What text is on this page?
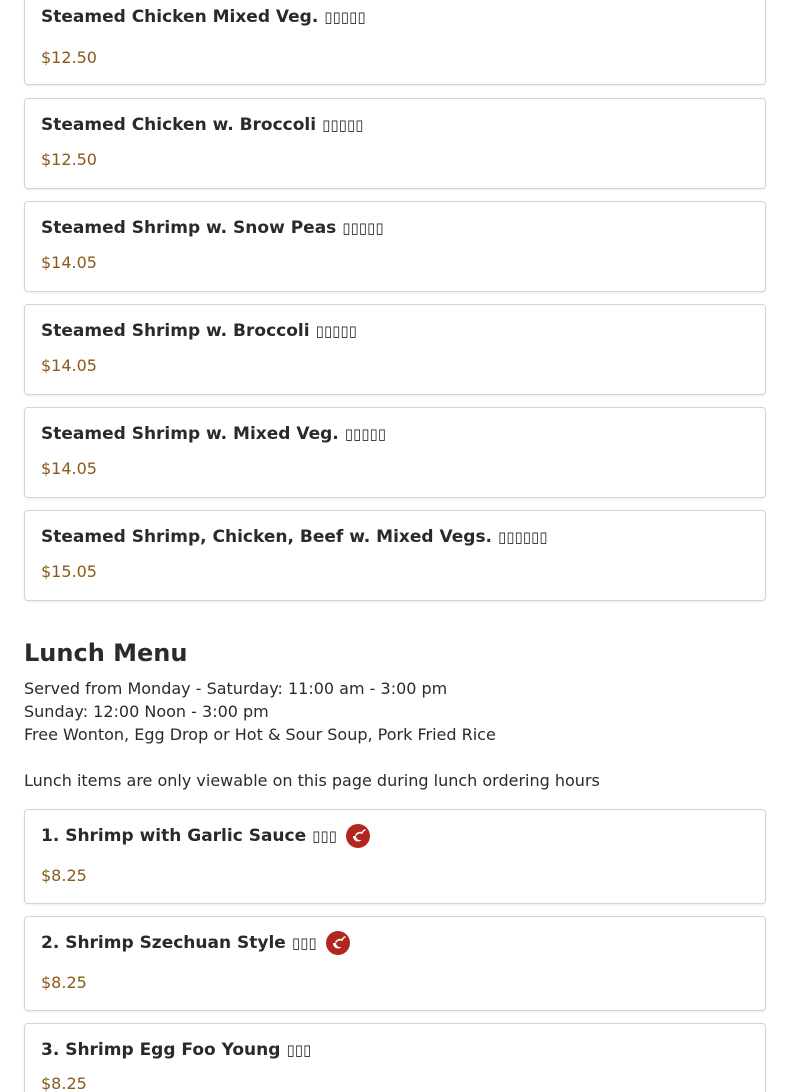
Steamed Chicken Mixed Veg. ▯▯▯▯▯
$12.50
Steamed Chicken w. Broccoli ▯▯▯▯▯
$12.50
Steamed Shrimp w. Snow Peas ▯▯▯▯▯
$14.05
Steamed Shrimp w. Broccoli ▯▯▯▯▯
$14.05
Steamed Shrimp w. Mixed Veg. ▯▯▯▯▯
$14.05
Steamed Shrimp, Chicken, Beef w. Mixed Vegs. ▯▯▯▯▯▯
$15.05
Lunch Menu
Served from Monday - Saturday: 11:00 am - 3:00 pm
Sunday: 12:00 Noon - 3:00 pm
Free Wonton, Egg Drop or Hot & Sour Soup, Pork Fried Rice
Lunch items are only viewable on this page during lunch ordering hours
1. Shrimp with Garlic Sauce ▯▯▯
$8.25
2. Shrimp Szechuan Style ▯▯▯
$8.25
3. Shrimp Egg Foo Young ▯▯▯
$8.25
